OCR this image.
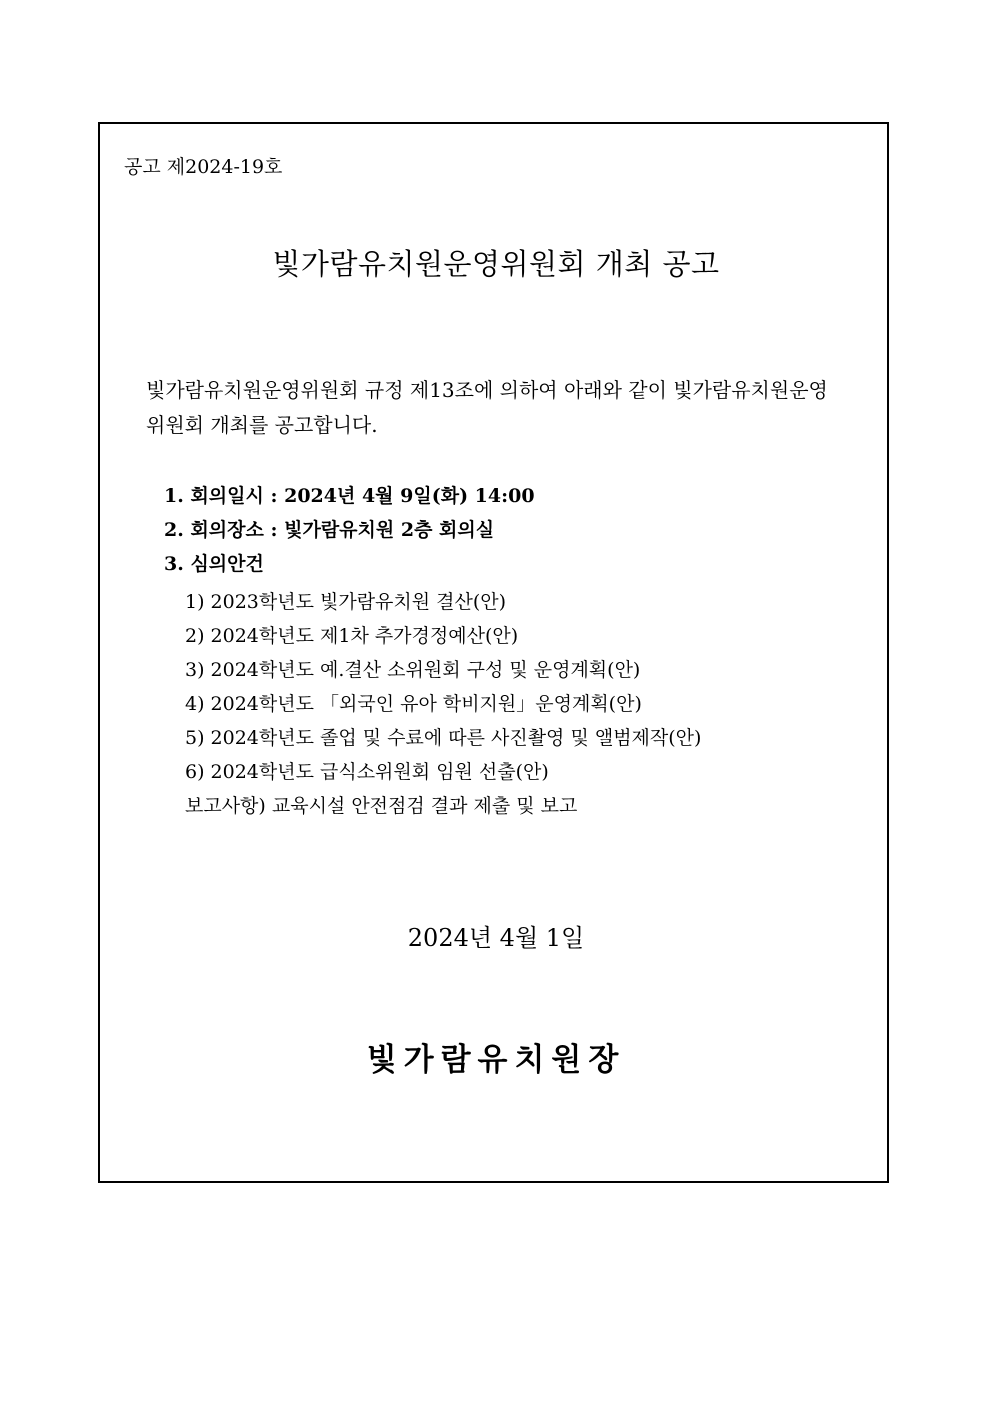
공고 제2024-19호
빛가람유치원운영위원회 개최 공고
빛가람유치원운영위원회 규정 제13조에 의하여 아래와 같이 빛가람유치원운영
위원회 개최를 공고합니다.
1. 회의일시 : 2024년 4월 9일(화) 14:00
2. 회의장소 : 빛가람유치원 2층 회의실
3. 심의안건
1) 2023학년도 빛가람유치원 결산(안)
2) 2024학년도 제1차 추가경정예산(안)
3) 2024학년도 예.결산 소위원회 구성 및 운영계획(안)
4) 2024학년도 「외국인 유아 학비지원」운영계획(안)
5) 2024학년도 졸업 및 수료에 따른 사진촬영 및 앨범제작(안)
6) 2024학년도 급식소위원회 임원 선출(안)
보고사항) 교육시설 안전점검 결과 제출 및 보고
2024년 4월 1일
빛가람유치원장
